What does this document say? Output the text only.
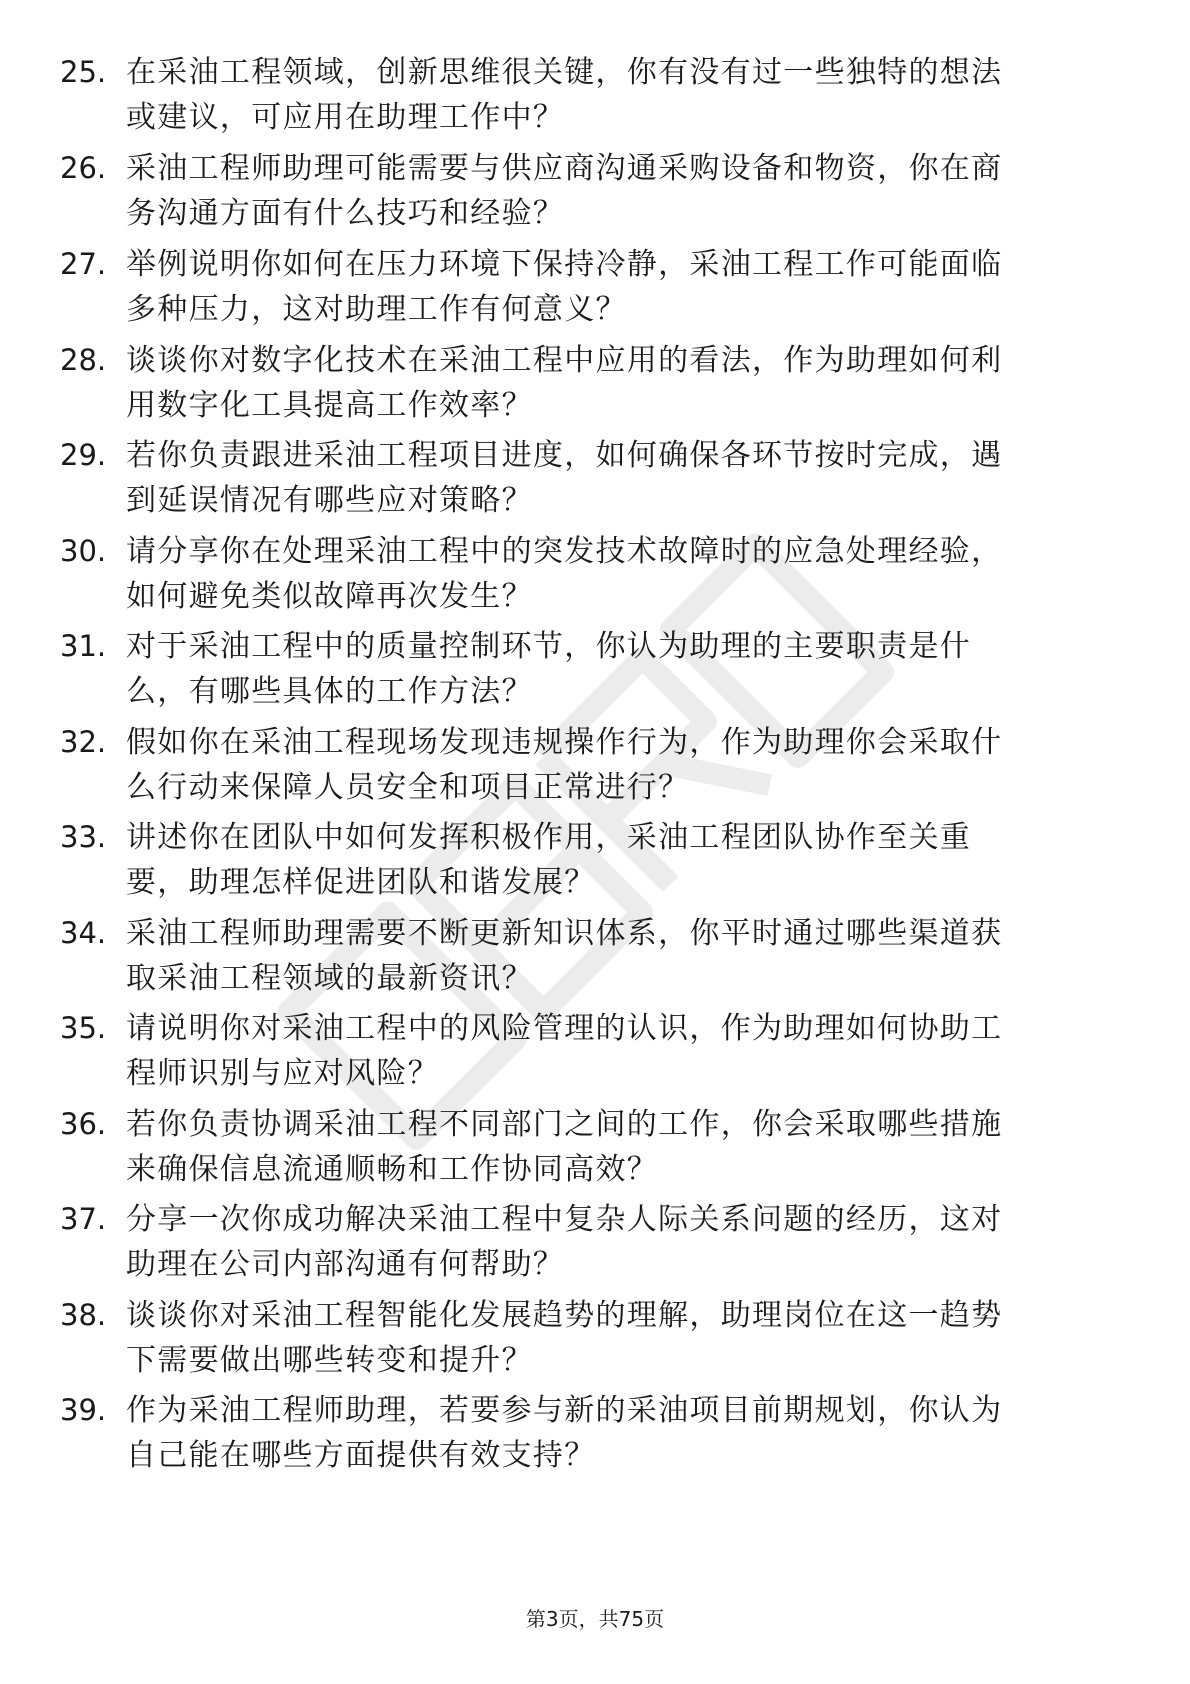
25. 在采油工程领域，创新思维很关键，你有没有过一些独特的想法
或建议，可应用在助理工作中？
26. 采油工程师助理可能需要与供应商沟通采购设备和物资，你在商
务沟通方面有什么技巧和经验？
27. 举例说明你如何在压力环境下保持冷静，采油工程工作可能面临
多种压力，这对助理工作有何意义？
28. 谈谈你对数字化技术在采油工程中应用的看法，作为助理如何利
用数字化工具提高工作效率？
29. 若你负责跟进采油工程项目进度，如何确保各环节按时完成，遇
到延误情况有哪些应对策略？
30. 请分享你在处理采油工程中的突发技术故障时的应急处理经验，
如何避免类似故障再次发生？
31. 对于采油工程中的质量控制环节，你认为助理的主要职责是什
么，有哪些具体的工作方法？
32. 假如你在采油工程现场发现违规操作行为，作为助理你会采取什
么行动来保障人员安全和项目正常进行？
33. 讲述你在团队中如何发挥积极作用，采油工程团队协作至关重
要，助理怎样促进团队和谐发展？
34. 采油工程师助理需要不断更新知识体系，你平时通过哪些渠道获
取采油工程领域的最新资讯？
35. 请说明你对采油工程中的风险管理的认识，作为助理如何协助工
程师识别与应对风险？
36. 若你负责协调采油工程不同部门之间的工作，你会采取哪些措施
来确保信息流通顺畅和工作协同高效？
37. 分享一次你成功解决采油工程中复杂人际关系问题的经历，这对
助理在公司内部沟通有何帮助？
38. 谈谈你对采油工程智能化发展趋势的理解，助理岗位在这一趋势
下需要做出哪些转变和提升？
39. 作为采油工程师助理，若要参与新的采油项目前期规划，你认为
自己能在哪些方面提供有效支持？
第3页，共75页
